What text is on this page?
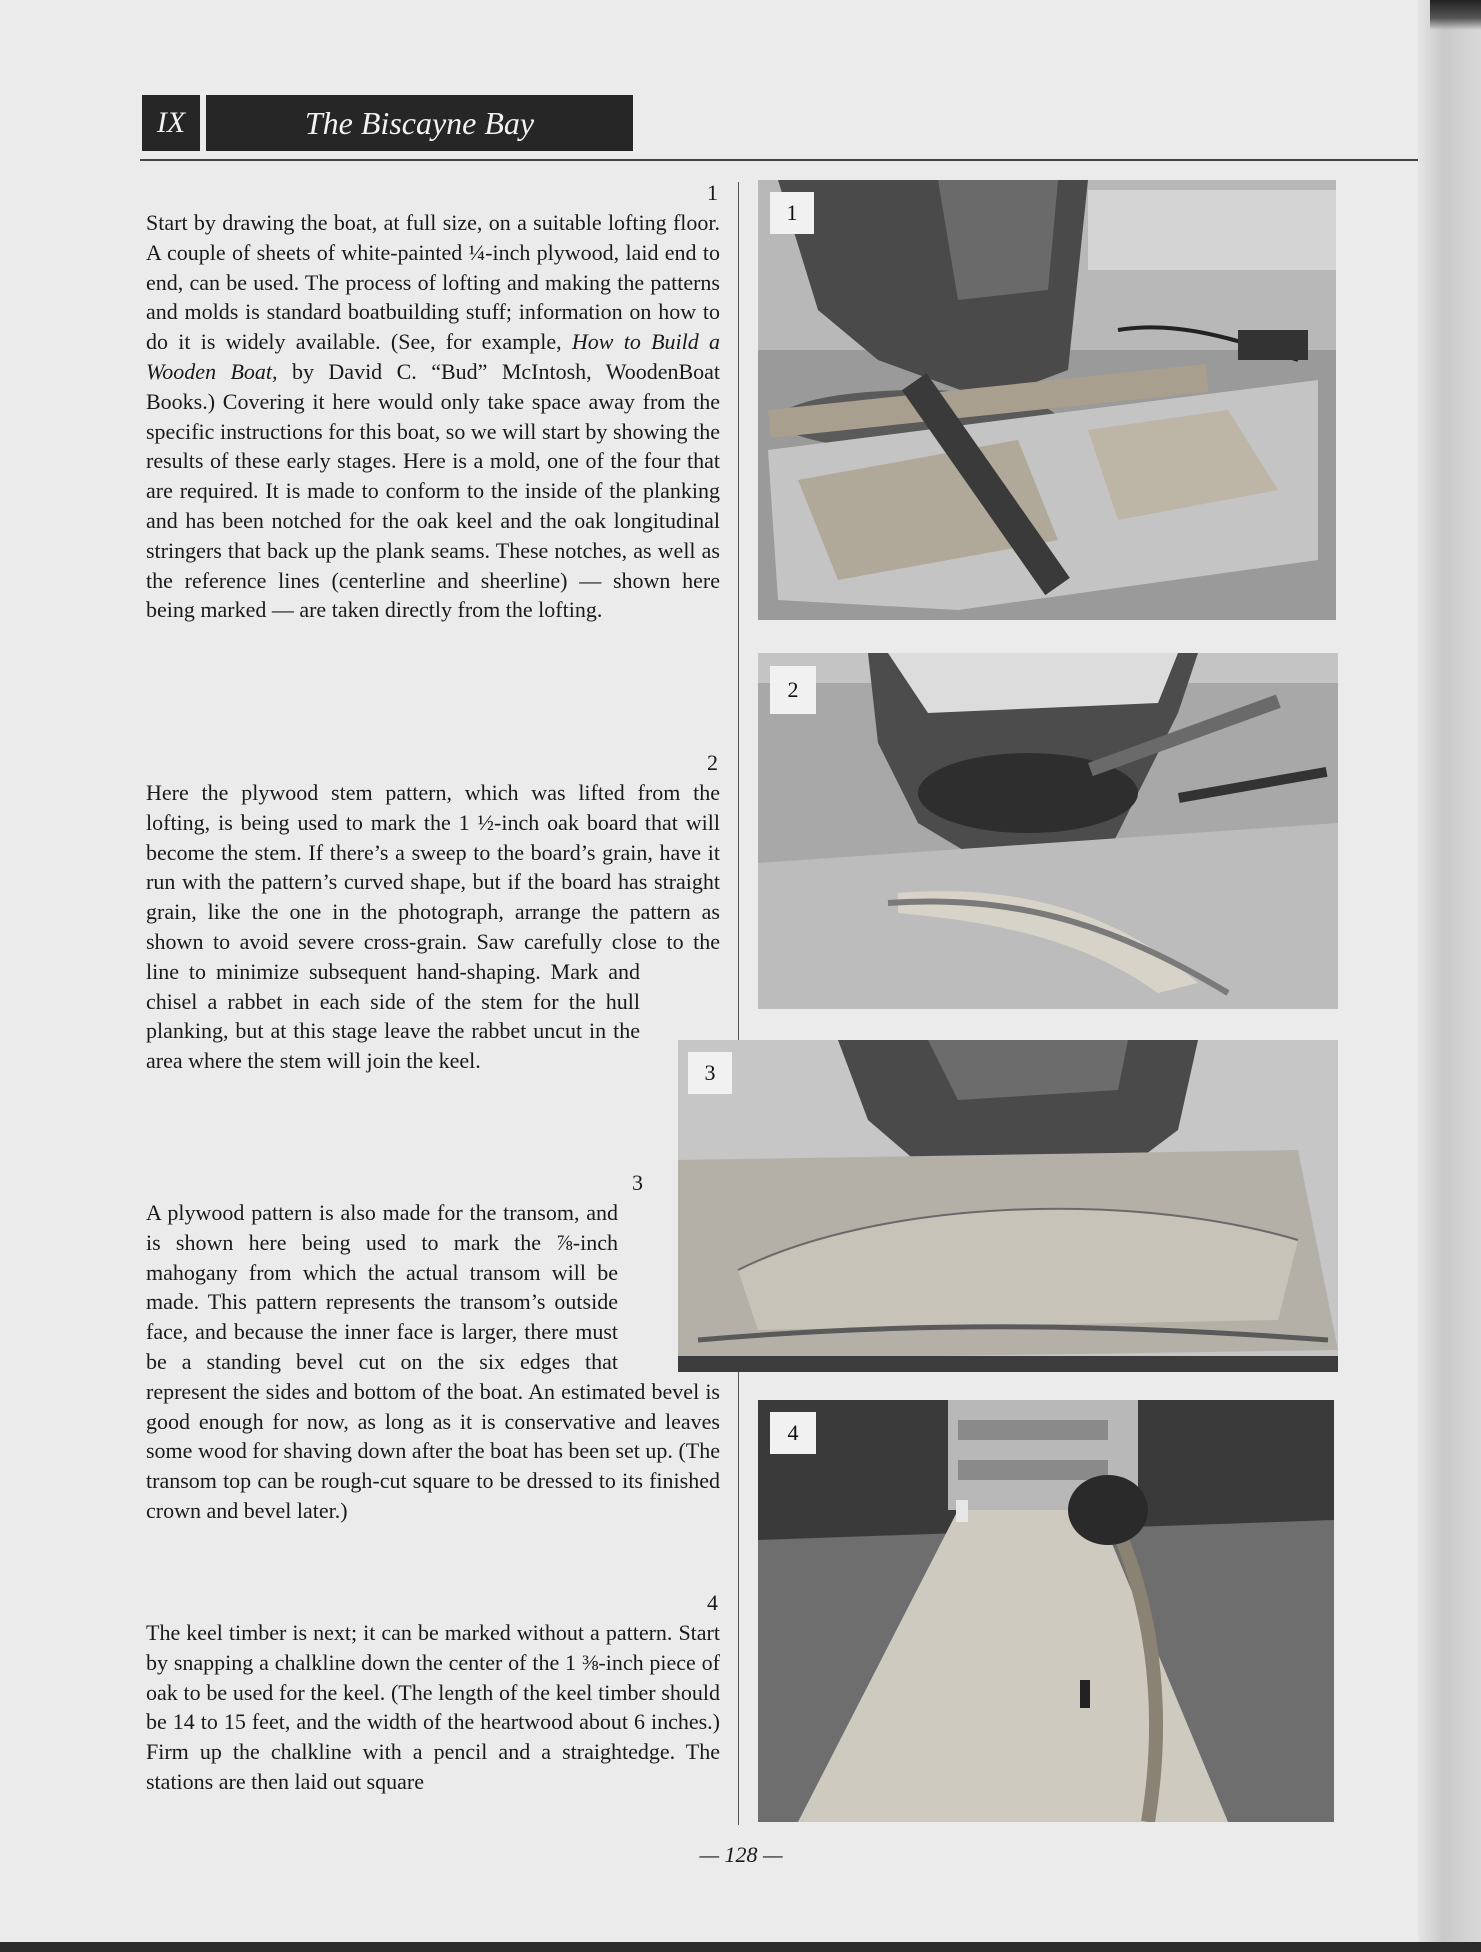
IX	The Biscayne Bay
1

Start by drawing the boat, at full size, on a suitable lofting floor. A couple of sheets of white-painted ¼-inch plywood, laid end to end, can be used. The process of lofting and making the patterns and molds is standard boatbuilding stuff; information on how to do it is widely available. (See, for example, How to Build a Wooden Boat, by David C. “Bud” McIntosh, WoodenBoat Books.) Covering it here would only take space away from the specific instructions for this boat, so we will start by showing the results of these early stages. Here is a mold, one of the four that are required. It is made to conform to the inside of the planking and has been notched for the oak keel and the oak longitudinal stringers that back up the plank seams. These notches, as well as the reference lines (centerline and sheerline) — shown here being marked — are taken directly from the lofting.

2

Here the plywood stem pattern, which was lifted from the lofting, is being used to mark the 1 ½-inch oak board that will become the stem. If there’s a sweep to the board’s grain, have it run with the pattern’s curved shape, but if the board has straight grain, like the one in the photograph, arrange the pattern as shown to avoid severe cross-grain. Saw carefully close to the line to minimize subsequent hand-shaping. Mark and chisel a rabbet in each side of the stem for the hull planking, but at this stage leave the rabbet uncut in the area where the stem will join the keel.

3

A plywood pattern is also made for the transom, and is shown here being used to mark the ⅞-inch mahogany from which the actual transom will be made. This pattern represents the transom’s outside face, and because the inner face is larger, there must be a standing bevel cut on the six edges that represent the sides and bottom of the boat. An estimated bevel is good enough for now, as long as it is conservative and leaves some wood for shaving down after the boat has been set up. (The transom top can be rough-cut square to be dressed to its finished crown and bevel later.)

4

The keel timber is next; it can be marked without a pattern. Start by snapping a chalkline down the center of the 1 ⅜-inch piece of oak to be used for the keel. (The length of the keel timber should be 14 to 15 feet, and the width of the heartwood about 6 inches.) Firm up the chalkline with a pencil and a straightedge. The stations are then laid out square

1
2
3
4
— 128 —
